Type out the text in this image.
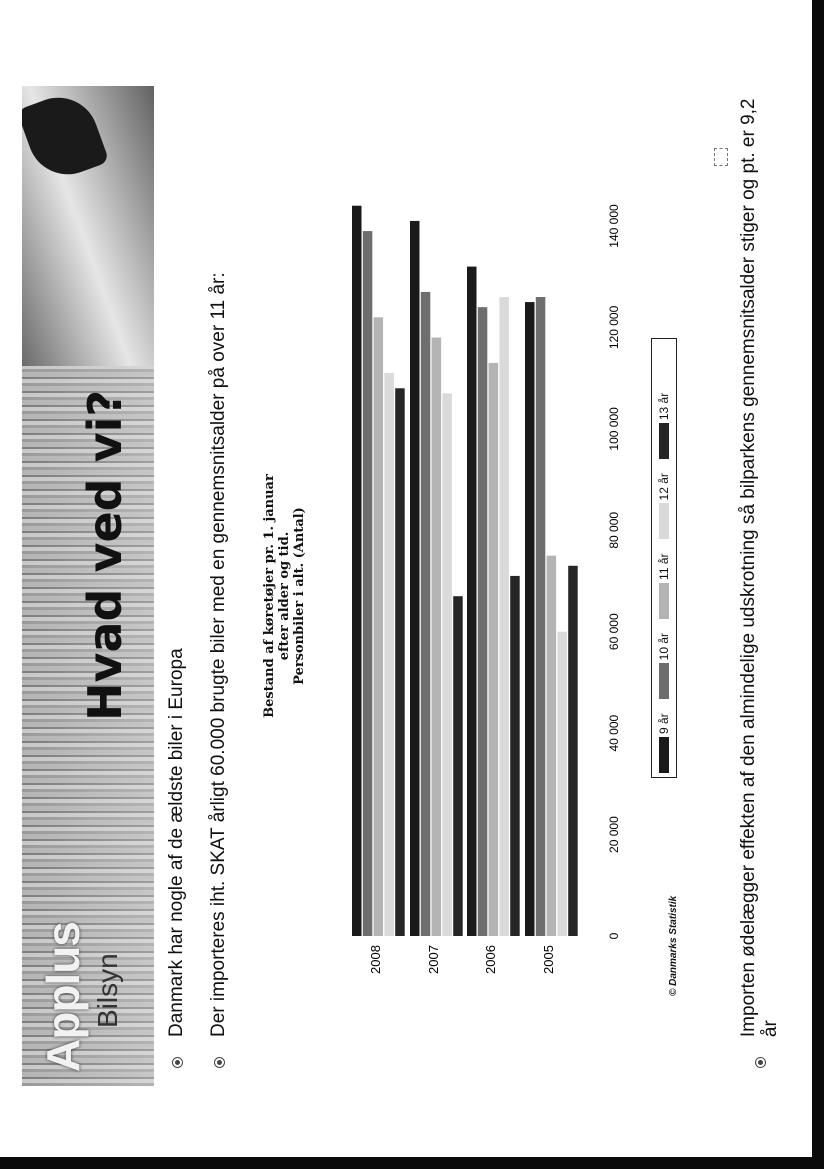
Applus Bilsyn
Hvad ved vi?
Danmark har nogle af de ældste biler i Europa Der importeres iht. SKAT årligt 60.000 brugte biler med en gennemsnitsalder på over 11 år:	Bestand af køretøjer pr. 1. januar efter alder og tid. Personbiler i alt. (Antal)
2008	2007	2006	2005
0
20 000
40 000
60 000
80 000
100 000
120 000
140 000
9 år
10 år
11 år
12 år
13 år
© Danmarks Statistik	Importen ødelægger effekten af den almindelige udskrotning så bilparkens gennemsnitsalder stiger og pt. er 9,2 år
